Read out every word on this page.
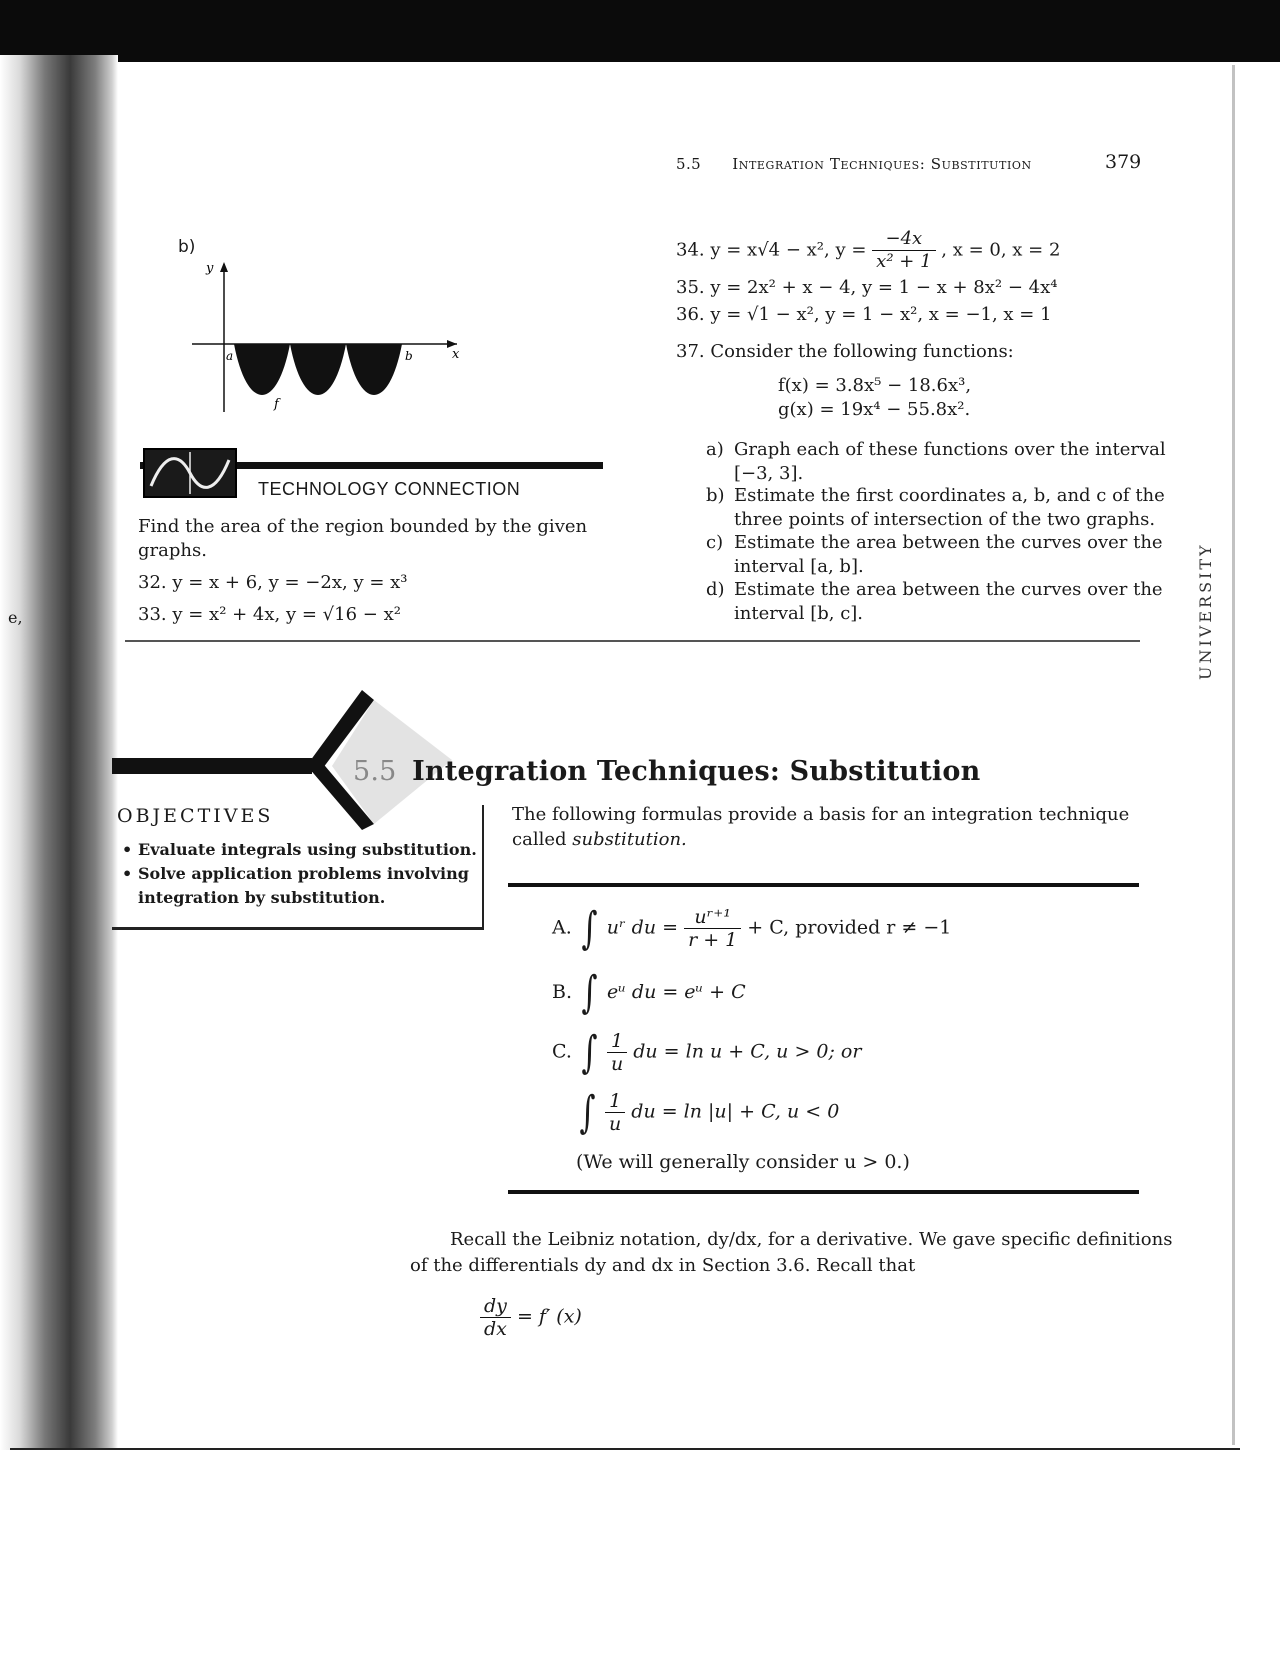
e,	UNIVERSITY
5.5 Integration Techniques: Substitution	379
b)
y
x
a	b
f
TECHNOLOGY CONNECTION
Find the area of the region bounded by the given
graphs.
32. y = x + 6, y = −2x, y = x³
33. y = x² + 4x, y = √16 − x²
34. y = x√4 − x², $y = \frac{-4x}{\text{x² + 1}}$ , x = 0, x = 2
35. y = 2x² + x − 4, y = 1 − x + 8x² − 4x⁴
36. y = √1 − x², y = 1 − x², x = −1, x = 1
37. Consider the following functions:
f(x) = 3.8x⁵ − 18.6x³,
g(x) = 19x⁴ − 55.8x².
a) Graph each of these functions over the interval
[−3, 3].
b) Estimate the first coordinates a, b, and c of the
three points of intersection of the two graphs.
c) Estimate the area between the curves over the
interval [a, b].
d) Estimate the area between the curves over the
interval [b, c].
5.5 Integration Techniques: Substitution
OBJECTIVES
• Evaluate integrals using substitution.
• Solve application problems involving
integration by substitution.
The following formulas provide a basis for an integration technique
called substitution.
A. ∫ uʳ du = $\frac{\text{uʳ⁺¹}}{r + 1} + C$, provided r ≠ −1
B. ∫ eᵘ du = eᵘ + C
C. ∫ $\frac{1}{u}$ du = ln u + C, u > 0; or
∫ $\frac{1}{u}$ du = ln |u| + C, u < 0
(We will generally consider u > 0.)
Recall the Leibniz notation, dy/dx, for a derivative. We gave specific definitions
of the differentials dy and dx in Section 3.6. Recall that
$\frac{dy}{dx} = f'$ (x)
